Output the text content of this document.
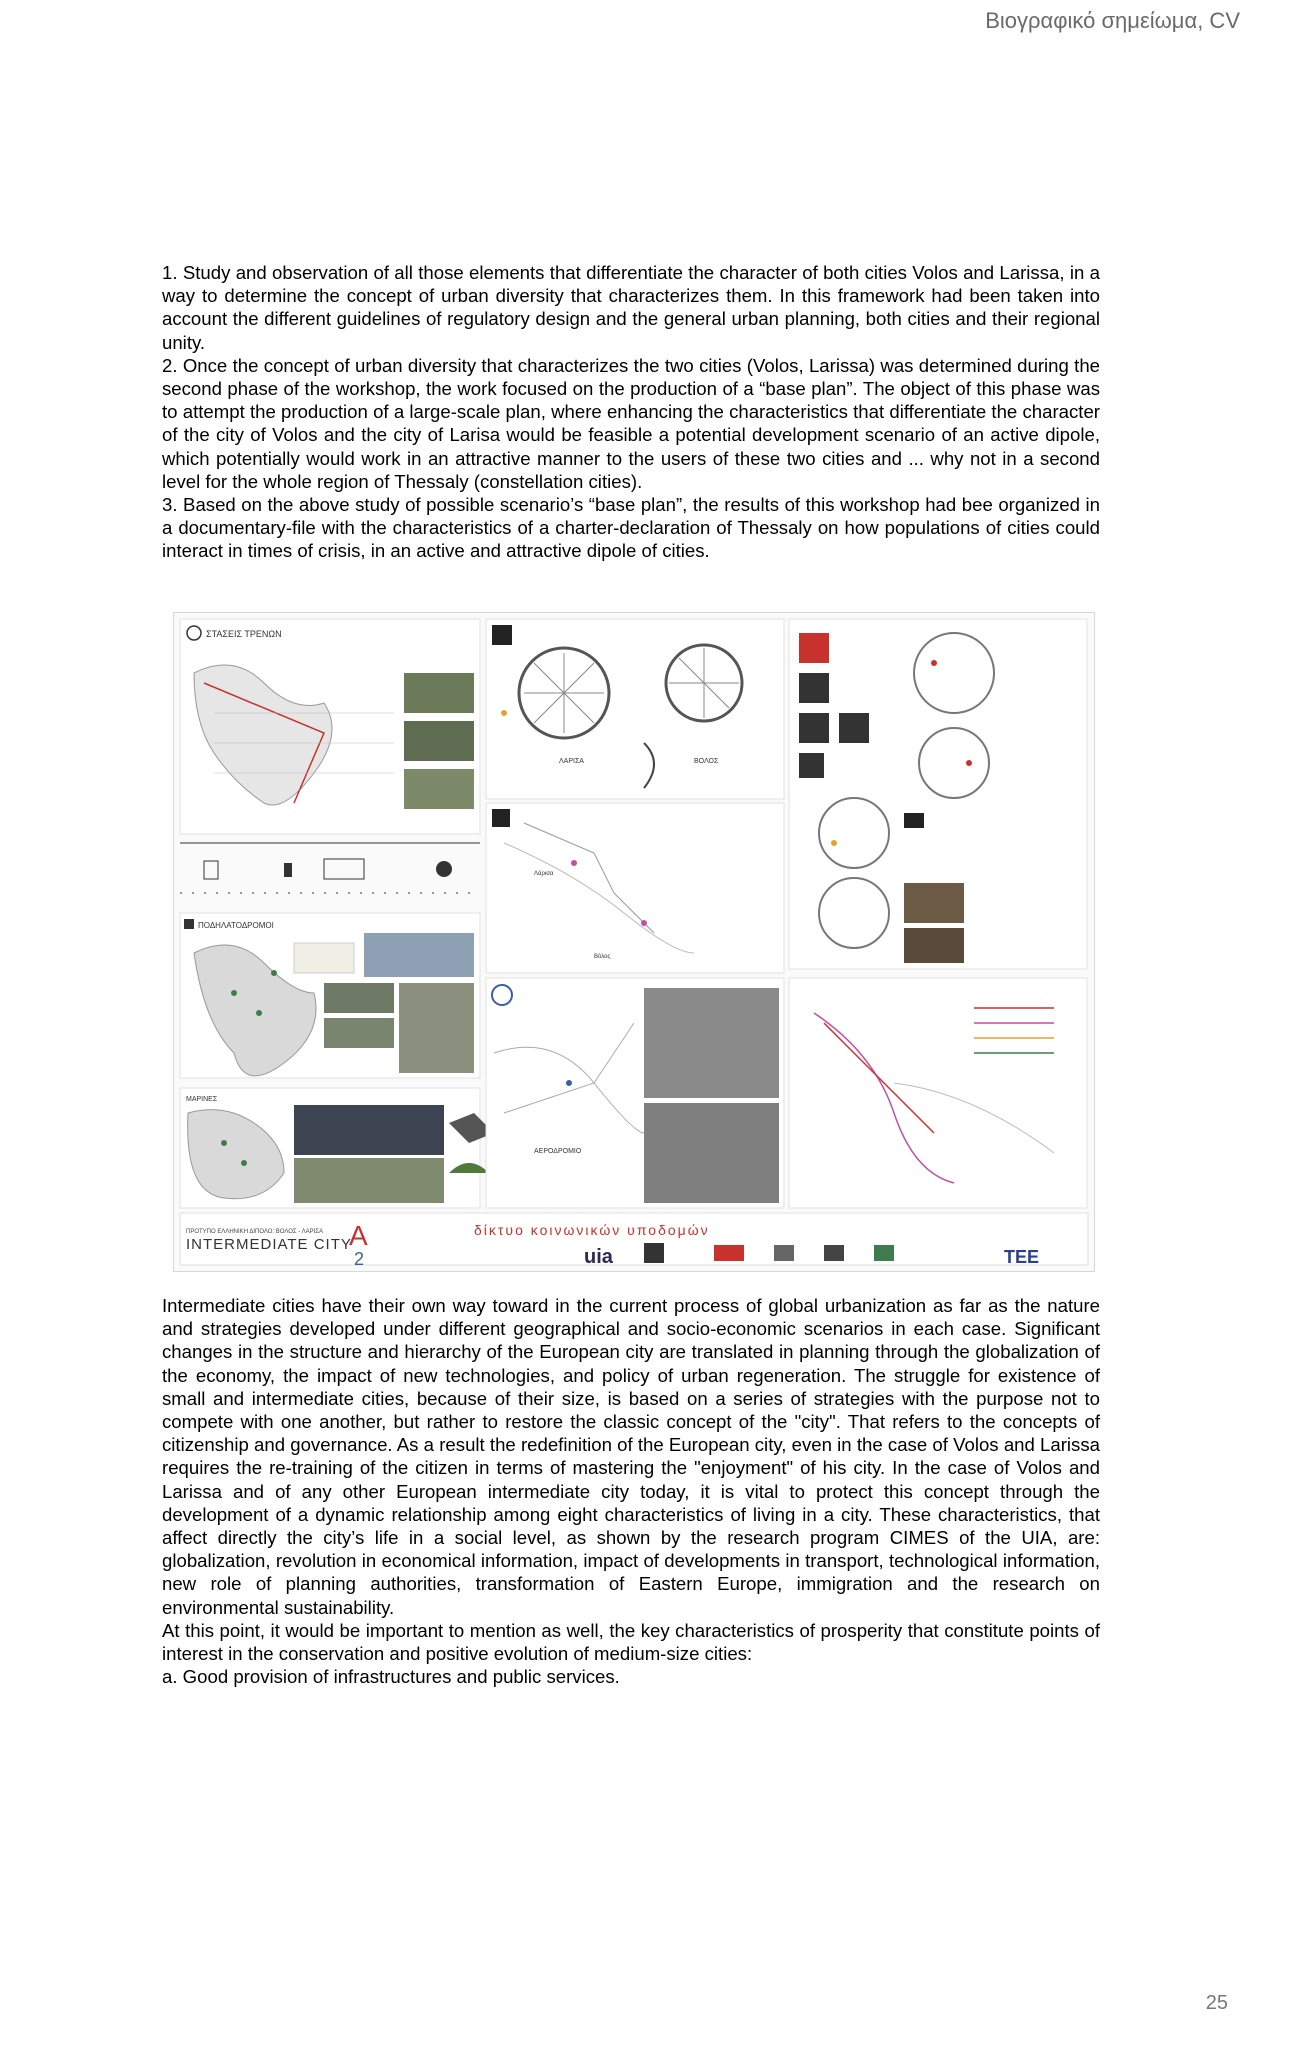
Βιογραφικό σημείωμα, CV

1. Study and observation of all those elements that differentiate the character of both cities Volos and Larissa, in a way to determine the concept of urban diversity that characterizes them. In this framework had been taken into account the different guidelines of regulatory design and the general urban planning, both cities and their regional unity.

2. Once the concept of urban diversity that characterizes the two cities (Volos, Larissa) was determined during the second phase of the workshop, the work focused on the production of a “base plan”. The object of this phase was to attempt the production of a large-scale plan, where enhancing the characteristics that differentiate the character of the city of Volos and the city of Larisa would be feasible a potential development scenario of an active dipole, which potentially would work in an attractive manner to the users of these two cities and ... why not in a second level for the whole region of Thessaly (constellation cities).

3. Based on the above study of possible scenario’s “base plan”, the results of this workshop had bee organized in a documentary-file with the characteristics of a charter-declaration of Thessaly on how populations of cities could interact in times of crisis, in an active and attractive dipole of cities.

ΣΤΑΣΕΙΣ ΤΡΕΝΩΝ
ΠΟΔΗΛΑΤΟΔΡΟΜΟΙ
ΜΑΡΙΝΕΣ
ΛΑΡΙΣΑ	ΒΟΛΟΣ
Λάρισα
Βόλος
ΑΕΡΟΔΡΟΜΙΟ
ΠΡΟΤΥΠΟ ΕΛΛΗΝΙΚΗ ΔΙΠΟΛΟ: ΒΟΛΟΣ - ΛΑΡΙΣΑ
INTERMEDIATE CITY
A
2
δίκτυο κοινωνικών υποδομών
uia	ΤΕΕ

Intermediate cities have their own way toward in the current process of global urbanization as far as the nature and strategies developed under different geographical and socio-economic scenarios in each case. Significant changes in the structure and hierarchy of the European city are translated in planning through the globalization of the economy, the impact of new technologies, and policy of urban regeneration. The struggle for existence of small and intermediate cities, because of their size, is based on a series of strategies with the purpose not to compete with one another, but rather to restore the classic concept of the "city". That refers to the concepts of citizenship and governance. As a result the redefinition of the European city, even in the case of Volos and Larissa requires the re-training of the citizen in terms of mastering the "enjoyment" of his city. In the case of Volos and Larissa and of any other European intermediate city today, it is vital to protect this concept through the development of a dynamic relationship among eight characteristics of living in a city. These characteristics, that affect directly the city’s life in a social level, as shown by the research program CIMES of the UIA, are: globalization, revolution in economical information, impact of developments in transport, technological information, new role of planning authorities, transformation of Eastern Europe, immigration and the research on environmental sustainability.

At this point, it would be important to mention as well, the key characteristics of prosperity that constitute points of interest in the conservation and positive evolution of medium-size cities:

a. Good provision of infrastructures and public services.

25
